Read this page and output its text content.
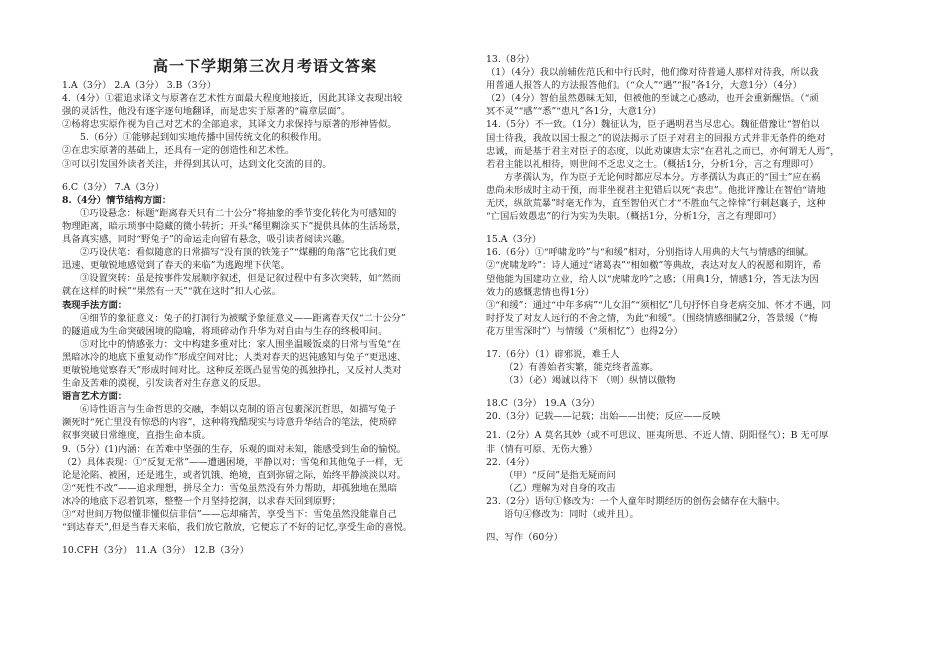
高一下学期第三次月考语文答案
1.A（3分） 2.A（3分） 3.B（3分）
4.（4分）①霍追求译文与原著在艺术性方面最大程度地接近，因此其译文表现出较
强的灵活性，他没有逐字逐句地翻译，而是忠实于原著的“篇章层面”。
②杨将忠实原作视为自己对艺术的全部追求，其译文力求保持与原著的形神皆似。
5.（6分）①能够起到如实地传播中国传统文化的积极作用。
②在忠实原著的基础上，还具有一定的创造性和艺术性。
③可以引发国外读者关注，并得到其认可，达到文化交流的目的。
6.C（3分） 7.A（3分）
8.（4分）情节结构方面：
①巧设悬念：标题“距离春天只有二十公分”将抽象的季节变化转化为可感知的
物理距离，暗示琐事中隐藏的微小转折；开头“稀里糊涂买下”提供具体的生活场景，
具备真实感，同时“野兔子”的命运走向留有悬念，吸引读者阅读兴趣。
②巧设伏笔：看似随意的日常描写“没有顶的铁笼子”“煤棚的角落”它比我们更
迅速、更敏锐地感觉到了春天的来临”为逃跑埋下伏笔。
③设置突转：虽是按事件发展顺序叙述，但是记叙过程中有多次突转，如“然而
就在这样的时候”“果然有一天”“就在这时”扣人心弦。
表现手法方面：
④细节的象征意义：兔子的打洞行为被赋予象征意义——距离春天仅“二十公分”
的隧道成为生命突破困境的隐喻，将琐碎动作升华为对自由与生存的终极叩问。
⑤对比中的情感张力：文中构建多重对比：家人围坐温暖饭桌的日常与雪兔“在
黑暗冰冷的地底下重复动作”形成空间对比；人类对春天的迟钝感知与兔子“更迅速、
更敏锐地觉察春天”形成时间对比。这种反差既凸显雪兔的孤独挣扎，又反衬人类对
生命及苦难的漠视，引发读者对生存意义的反思。
语言艺术方面：
⑥诗性语言与生命哲思的交融，李娟以克制的语言包裹深沉哲思，如描写兔子
濒死时“死亡里没有惊恐的内容”，这种将残酷现实与诗意升华结合的笔法，使琐碎
叙事突破日常维度，直指生命本质。
9.（5分）(1)内涵：在苦难中坚强的生存，乐观的面对未知，能感受到生命的愉悦。
（2）具体表现：①“反复无常”——遭遇困境，平静以对；雪兔和其他兔子一样，无
论是沦陷、被困，还是逃生，或者饥饿、绝境，直到弥留之际，始终平静淡淡以对。
②“死性不改”——追求理想，拼尽全力：雪兔虽然没有外力帮助，却孤独地在黑暗
冰冷的地底下忍着饥寒，整整一个月坚持挖洞，以求春天回到原野；
③“对世间万物似懂非懂似信非信”——忘却痛苦，享受当下：雪兔虽然没能靠自己
“到达春天”,但是当春天来临，我们放它散放，它便忘了不好的记忆,享受生命的喜悦。
10.CFH（3分） 11.A（3分） 12.B（3分）
13.（8分）
（1）（4分）我以前辅佐范氏和中行氏时，他们像对待普通人那样对待我，所以我
用普通人报答人的方法报答他们。（“众人”“遇”“报”各1分，大意1分）（4分）
（2）（4分）智伯虽然愚昧无知，但被他的至诚之心感动，也开会重新醒悟。（“顽
冥不灵”“感”“悉”“患凡”各1分，大意1分）
14.（5分）不一致。（1分）魏征认为，臣子遇明君当尽忠心。魏征借豫让“智伯以
国士待我，我故以国士报之”的说法揭示了臣子对君主的回报方式并非无条件的绝对
忠诚，而是基于君主对臣子的态度，以此劝谏唐太宗“在君礼之而已，亦何谓无人焉”，
若君主能以礼相待，则世间不乏忠义之士。（概括1分，分析1分，言之有理即可）
方孝孺认为，作为臣子无论何时都应尽本分。方孝孺认为真正的“国士”应在祸
患尚未形成时主动干预，而非坐视君主犯错后以死“表忠”。他批评豫让在智伯“请地
无厌，纵欲荒暴”时毫无作为，直至智伯灭亡才“不胜血气之悻悻”行刺赵襄子，这种
“亡国后效愚忠”的行为实为失职。（概括1分，分析1分，言之有理即可）
15.A（3分）
16.（6分）①“呼啸龙吟”与“和缓”相对，分别指诗人用典的大气与情感的细腻。
②“虎啸龙吟”：诗人通过“诸葛表”“相如檄”等典故，表达对友人的祝愿和期许，希
望他能为国建功立业，给人以“虎啸龙吟”之感；（用典1分，情感1分，答无法为因
效力的感慨悲情也得1分）
③“和缓”：通过“中年多病”“儿女泪”“须相忆”几句抒怀自身老病交加、怀才不遇，同
时抒发了对友人远行的不舍之情，为此“和缓”。（围绕情感细腻2分，答景缓（“梅
花万里雪深时”）与情缓（“须相忆”）也得2分）
17.（6分）（1）辟邪说，难壬人
（2）有善始者实繁，能克终者盖寡。
（3）（必）竭诚以待下 （则）纵情以傲物
18.C（3分） 19.A（3分）
20.（3分）记载——记载；出始——出使；反应——反映
21.（2分）A 莫名其妙（或不可思议、匪夷所思、不近人情、阴阳怪气）；B 无可厚
非（情有可原、无伤大雅）
22.（4分）
（甲）“反问”是指无疑而问
（乙）理解为对自身的攻击
23.（2分）语句①修改为：一个人童年时期经历的创伤会储存在大脑中。
语句④修改为：同时（或并且）。
四、写作（60分）
